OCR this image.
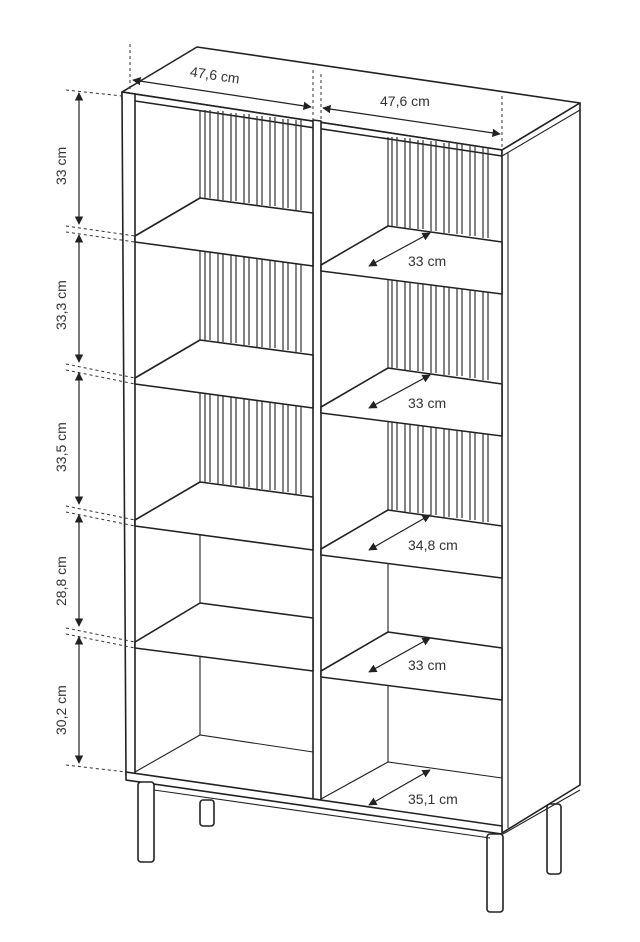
47,6 cm
47,6 cm
33 cm
33,3 cm
33,5 cm
28,8 cm
30,2 cm
33 cm
33 cm
34,8 cm
33 cm
35,1 cm
